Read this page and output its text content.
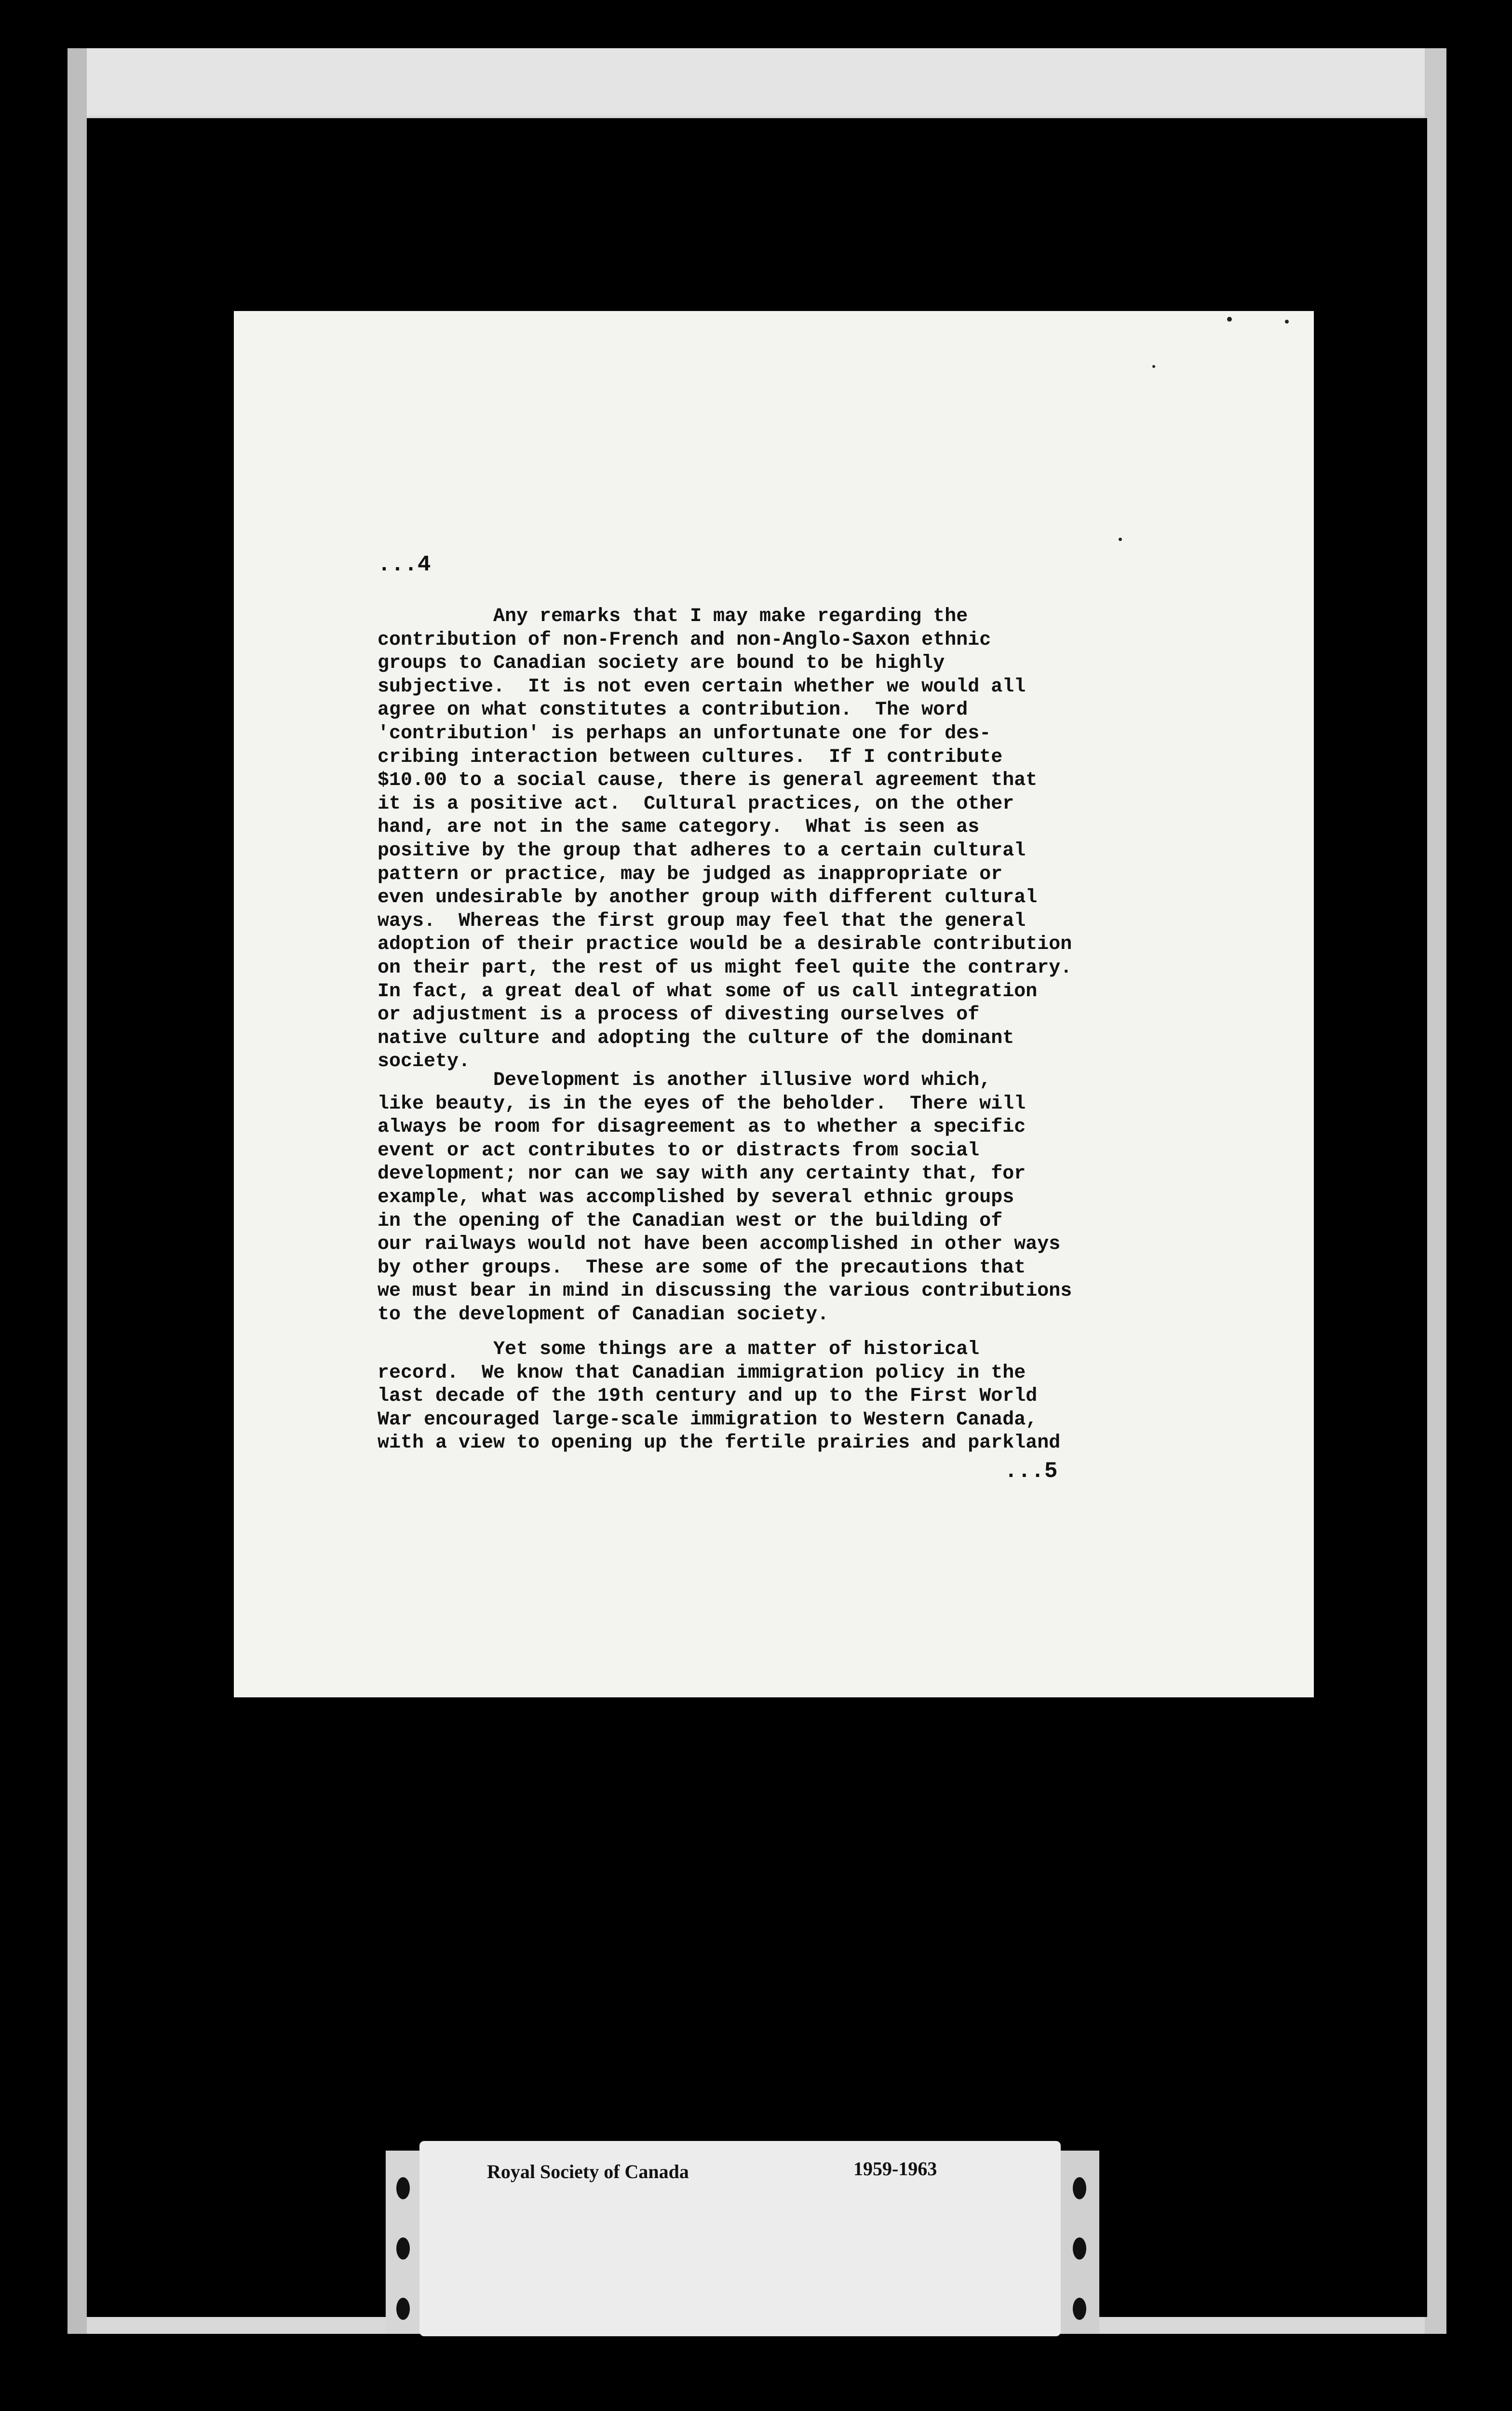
...4
Any remarks that I may make regarding the
contribution of non-French and non-Anglo-Saxon ethnic
groups to Canadian society are bound to be highly
subjective.  It is not even certain whether we would all
agree on what constitutes a contribution.  The word
'contribution' is perhaps an unfortunate one for des-
cribing interaction between cultures.  If I contribute
$10.00 to a social cause, there is general agreement that
it is a positive act.  Cultural practices, on the other
hand, are not in the same category.  What is seen as
positive by the group that adheres to a certain cultural
pattern or practice, may be judged as inappropriate or
even undesirable by another group with different cultural
ways.  Whereas the first group may feel that the general
adoption of their practice would be a desirable contribution
on their part, the rest of us might feel quite the contrary.
In fact, a great deal of what some of us call integration
or adjustment is a process of divesting ourselves of
native culture and adopting the culture of the dominant
society.
Development is another illusive word which,
like beauty, is in the eyes of the beholder.  There will
always be room for disagreement as to whether a specific
event or act contributes to or distracts from social
development; nor can we say with any certainty that, for
example, what was accomplished by several ethnic groups
in the opening of the Canadian west or the building of
our railways would not have been accomplished in other ways
by other groups.  These are some of the precautions that
we must bear in mind in discussing the various contributions
to the development of Canadian society.
Yet some things are a matter of historical
record.  We know that Canadian immigration policy in the
last decade of the 19th century and up to the First World
War encouraged large-scale immigration to Western Canada,
with a view to opening up the fertile prairies and parkland
...5
Royal Society of Canada	1959-1963
